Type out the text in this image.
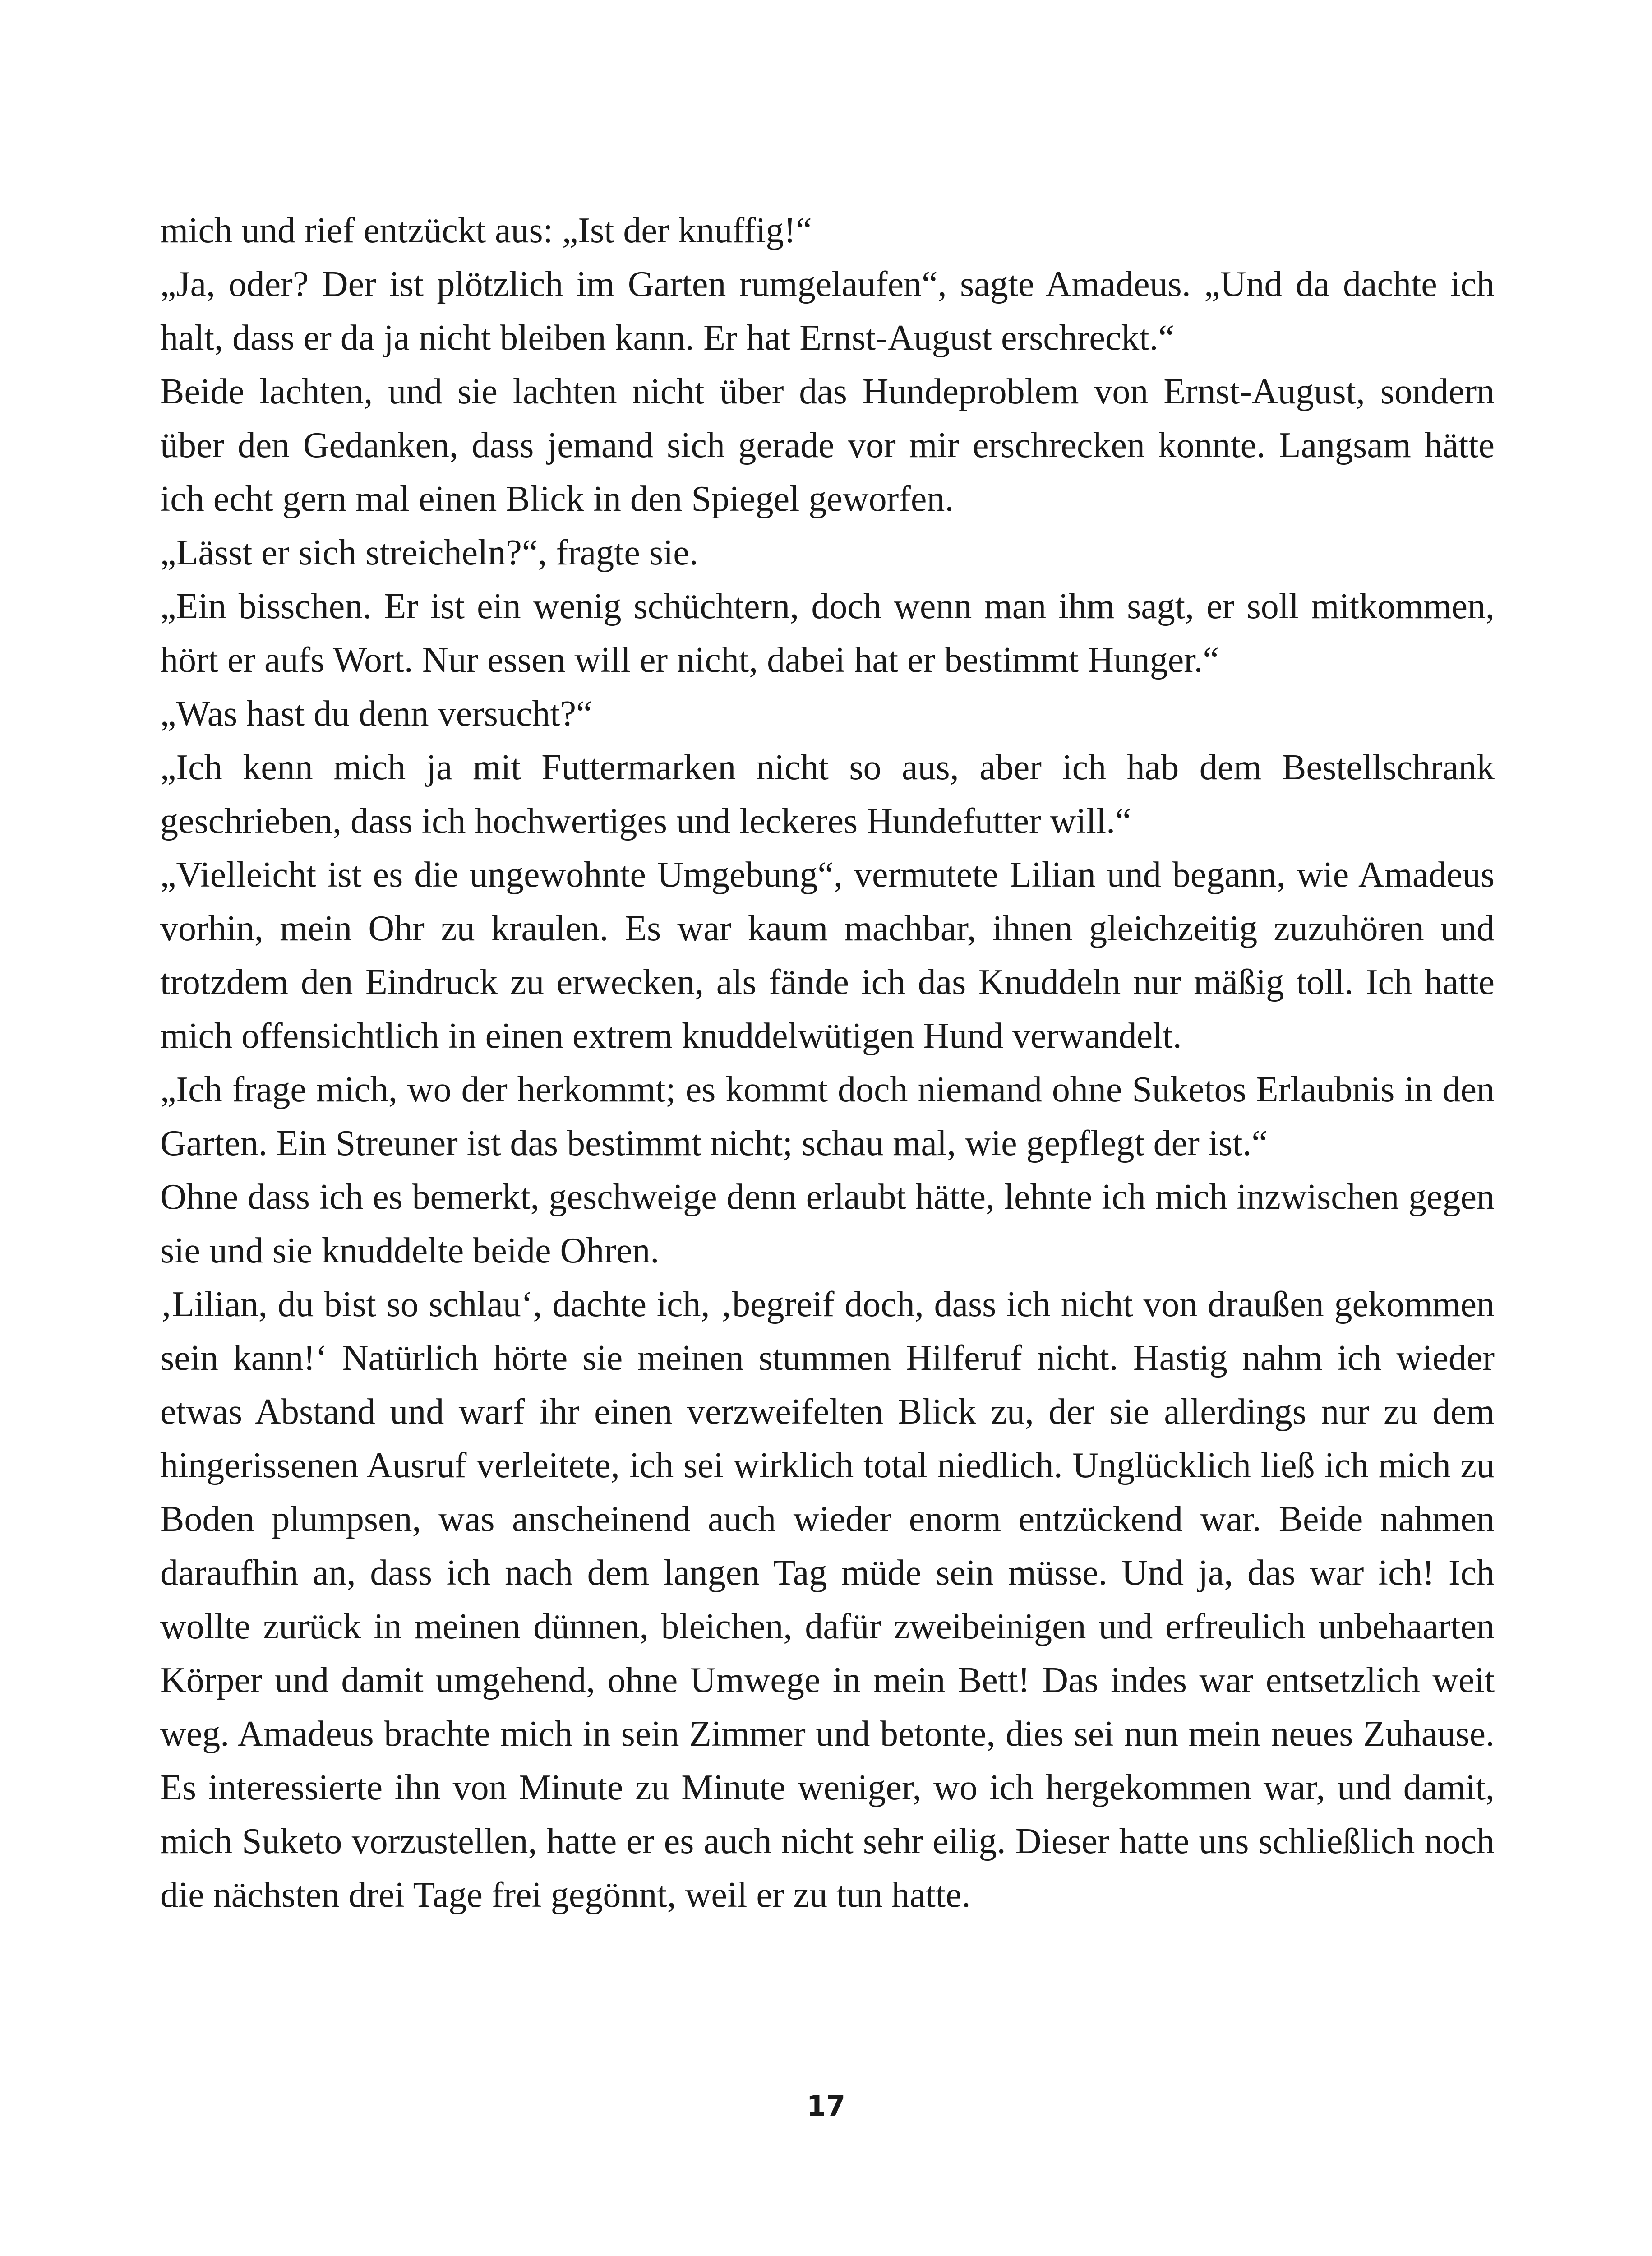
mich und rief entzückt aus: „Ist der knuffig!“

„Ja, oder? Der ist plötzlich im Garten rumgelaufen“, sagte Amadeus. „Und da dachte ich halt, dass er da ja nicht bleiben kann. Er hat Ernst-August erschreckt.“

Beide lachten, und sie lachten nicht über das Hundeproblem von Ernst-August, sondern über den Gedanken, dass jemand sich gerade vor mir erschrecken konnte. Langsam hätte ich echt gern mal einen Blick in den Spiegel geworfen.

„Lässt er sich streicheln?“, fragte sie.

„Ein bisschen. Er ist ein wenig schüchtern, doch wenn man ihm sagt, er soll mitkommen, hört er aufs Wort. Nur essen will er nicht, dabei hat er bestimmt Hunger.“

„Was hast du denn versucht?“

„Ich kenn mich ja mit Futtermarken nicht so aus, aber ich hab dem Bestellschrank geschrieben, dass ich hochwertiges und leckeres Hundefutter will.“

„Vielleicht ist es die ungewohnte Umgebung“, vermutete Lilian und begann, wie Amadeus vorhin, mein Ohr zu kraulen. Es war kaum machbar, ihnen gleichzeitig zuzuhören und trotzdem den Eindruck zu erwecken, als fände ich das Knuddeln nur mäßig toll. Ich hatte mich offensichtlich in einen extrem knuddelwütigen Hund verwandelt.

„Ich frage mich, wo der herkommt; es kommt doch niemand ohne Suketos Erlaubnis in den Garten. Ein Streuner ist das bestimmt nicht; schau mal, wie gepflegt der ist.“

Ohne dass ich es bemerkt, geschweige denn erlaubt hätte, lehnte ich mich inzwischen gegen sie und sie knuddelte beide Ohren.

‚Lilian, du bist so schlau‘, dachte ich, ‚begreif doch, dass ich nicht von draußen gekommen sein kann!‘ Natürlich hörte sie meinen stummen Hilferuf nicht. Hastig nahm ich wieder etwas Abstand und warf ihr einen verzweifelten Blick zu, der sie allerdings nur zu dem hingerissenen Ausruf verleitete, ich sei wirklich total niedlich. Unglücklich ließ ich mich zu Boden plumpsen, was anscheinend auch wieder enorm entzückend war. Beide nahmen daraufhin an, dass ich nach dem langen Tag müde sein müsse. Und ja, das war ich! Ich wollte zurück in meinen dünnen, bleichen, dafür zweibeinigen und erfreulich unbehaarten Körper und damit umgehend, ohne Umwege in mein Bett! Das indes war entsetzlich weit weg. Amadeus brachte mich in sein Zimmer und betonte, dies sei nun mein neues Zuhause. Es interessierte ihn von Minute zu Minute weniger, wo ich hergekommen war, und damit, mich Suketo vorzustellen, hatte er es auch nicht sehr eilig. Dieser hatte uns schließlich noch die nächsten drei Tage frei gegönnt, weil er zu tun hatte.

17
